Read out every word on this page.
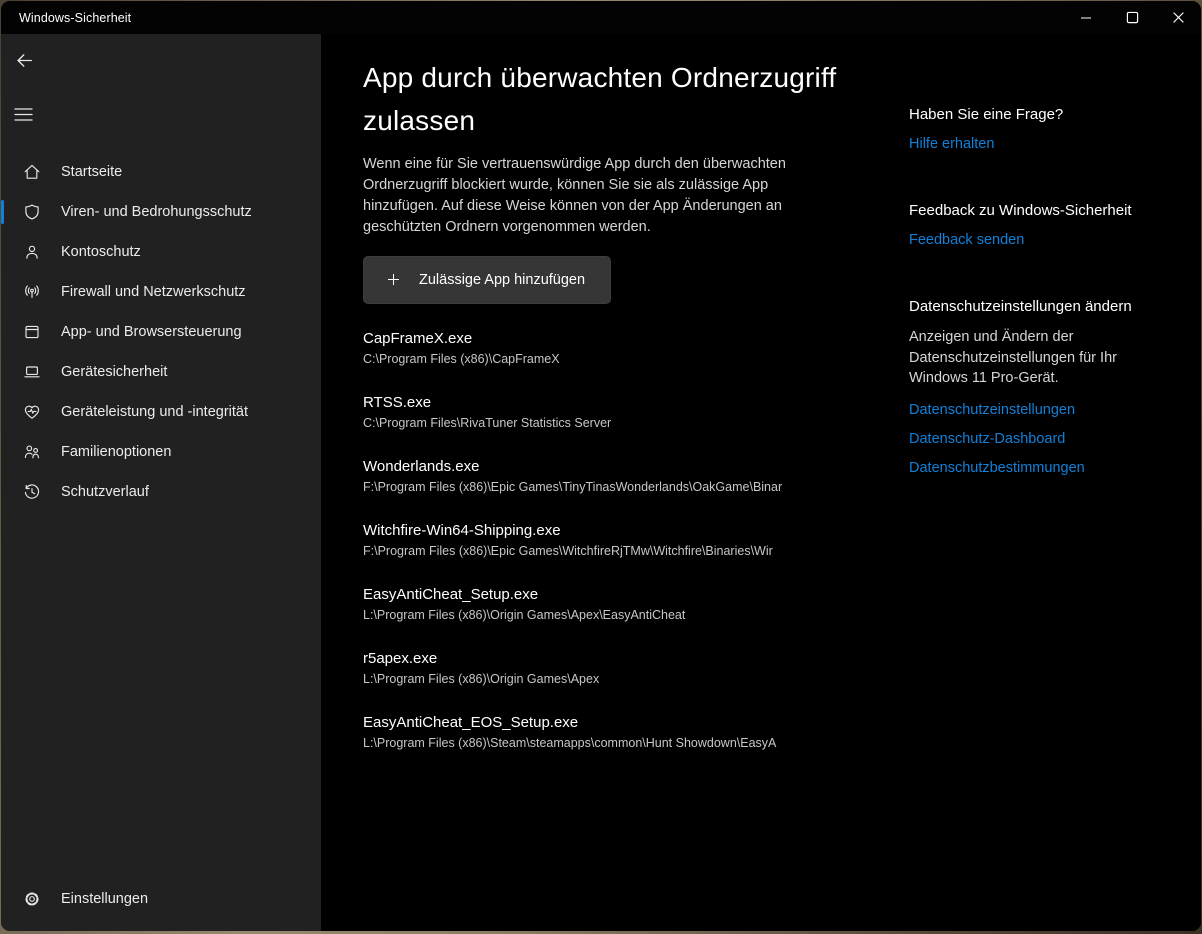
Windows-Sicherheit
Startseite
Viren- und Bedrohungsschutz
Kontoschutz
Firewall und Netzwerkschutz
App- und Browsersteuerung
Gerätesicherheit
Geräteleistung und -integrität
Familienoptionen
Schutzverlauf
Einstellungen
App durch überwachten Ordnerzugriff zulassen

Wenn eine für Sie vertrauenswürdige App durch den überwachten Ordnerzugriff blockiert wurde, können Sie sie als zulässige App hinzufügen. Auf diese Weise können von der App Änderungen an geschützten Ordnern vorgenommen werden.

Zulässige App hinzufügen
CapFrameX.exe
C:\Program Files (x86)\CapFrameX
RTSS.exe
C:\Program Files\RivaTuner Statistics Server
Wonderlands.exe
F:\Program Files (x86)\Epic Games\TinyTinasWonderlands\OakGame\Binar
Witchfire-Win64-Shipping.exe
F:\Program Files (x86)\Epic Games\WitchfireRjTMw\Witchfire\Binaries\Wir
EasyAntiCheat_Setup.exe
L:\Program Files (x86)\Origin Games\Apex\EasyAntiCheat
r5apex.exe
L:\Program Files (x86)\Origin Games\Apex
EasyAntiCheat_EOS_Setup.exe
L:\Program Files (x86)\Steam\steamapps\common\Hunt Showdown\EasyA
Haben Sie eine Frage?
Hilfe erhalten
Feedback zu Windows-Sicherheit
Feedback senden
Datenschutzeinstellungen ändern

Anzeigen und Ändern der Datenschutzeinstellungen für Ihr Windows 11 Pro-Gerät.

Datenschutzeinstellungen
Datenschutz-Dashboard
Datenschutzbestimmungen
